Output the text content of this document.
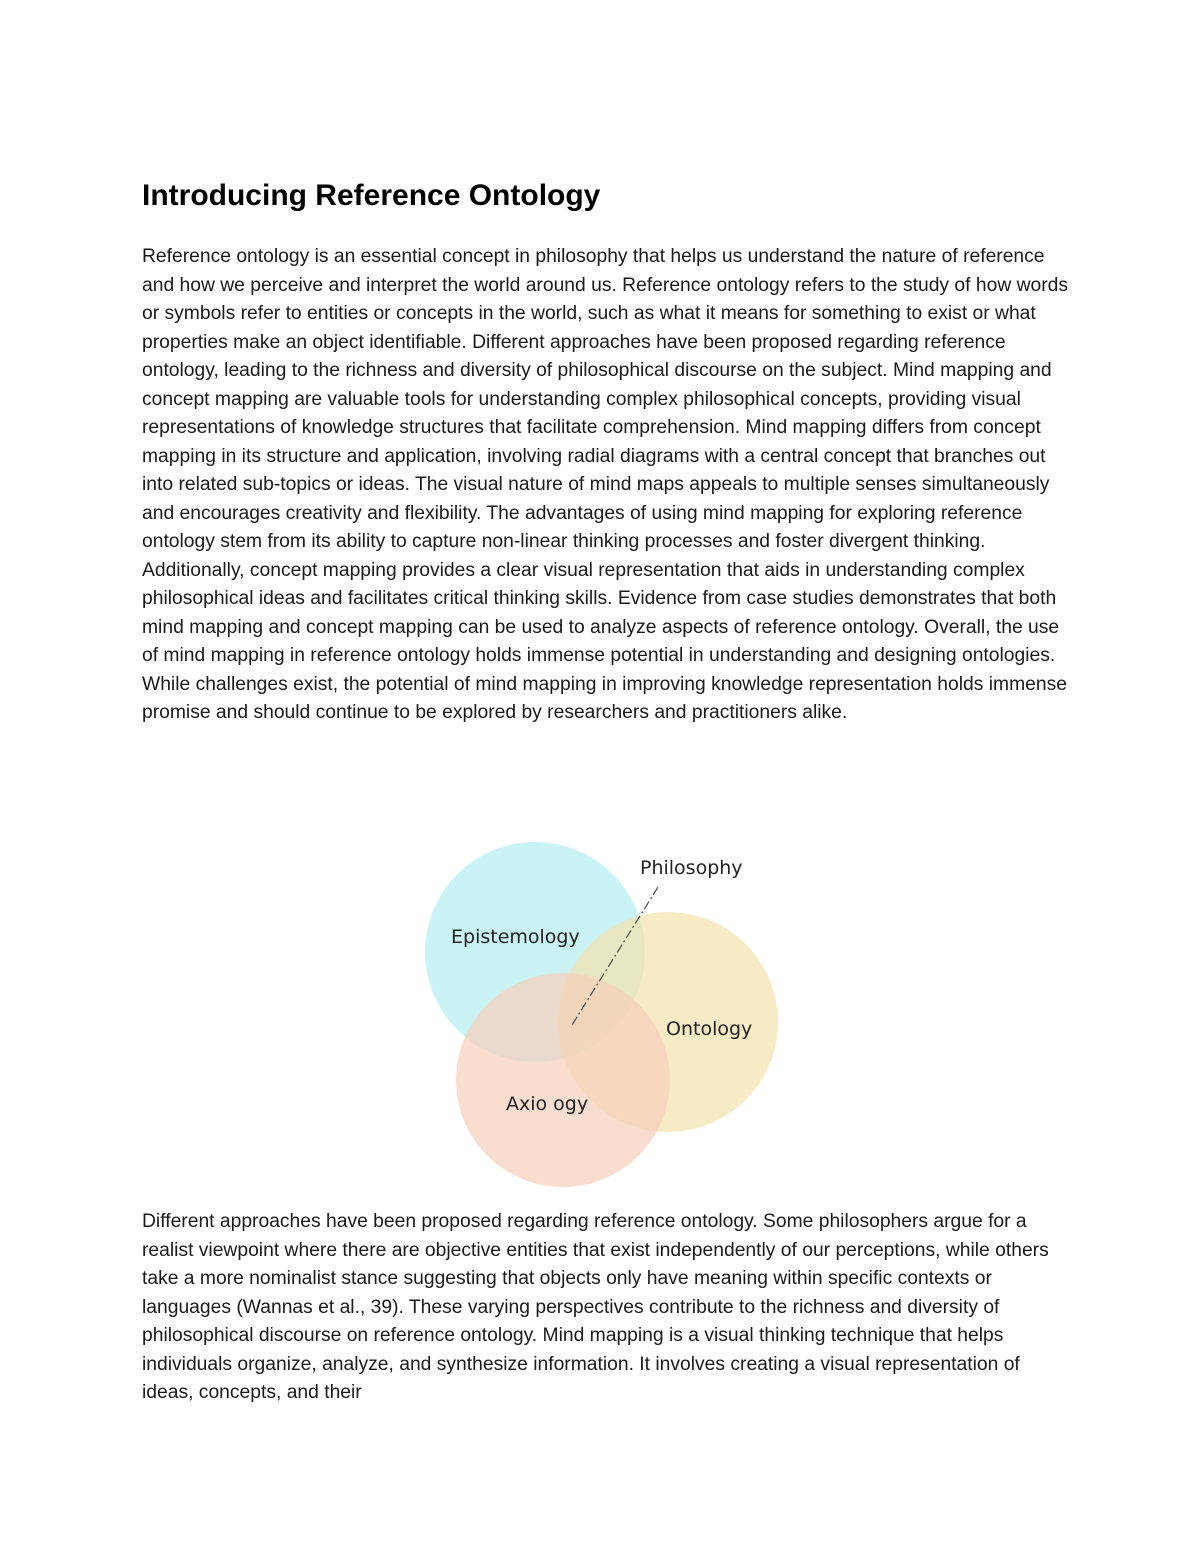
Introducing Reference Ontology

Reference ontology is an essential concept in philosophy that helps us understand the nature of reference and how we perceive and interpret the world around us. Reference ontology refers to the study of how words or symbols refer to entities or concepts in the world, such as what it means for something to exist or what properties make an object identifiable. Different approaches have been proposed regarding reference ontology, leading to the richness and diversity of philosophical discourse on the subject. Mind mapping and concept mapping are valuable tools for understanding complex philosophical concepts, providing visual representations of knowledge structures that facilitate comprehension. Mind mapping differs from concept mapping in its structure and application, involving radial diagrams with a central concept that branches out into related sub-topics or ideas. The visual nature of mind maps appeals to multiple senses simultaneously and encourages creativity and flexibility. The advantages of using mind mapping for exploring reference ontology stem from its ability to capture non-linear thinking processes and foster divergent thinking. Additionally, concept mapping provides a clear visual representation that aids in understanding complex philosophical ideas and facilitates critical thinking skills. Evidence from case studies demonstrates that both mind mapping and concept mapping can be used to analyze aspects of reference ontology. Overall, the use of mind mapping in reference ontology holds immense potential in understanding and designing ontologies. While challenges exist, the potential of mind mapping in improving knowledge representation holds immense promise and should continue to be explored by researchers and practitioners alike.

Epistemology
Philosophy
Ontology
Axio ogy

Different approaches have been proposed regarding reference ontology. Some philosophers argue for a realist viewpoint where there are objective entities that exist independently of our perceptions, while others take a more nominalist stance suggesting that objects only have meaning within specific contexts or languages (Wannas et al., 39). These varying perspectives contribute to the richness and diversity of philosophical discourse on reference ontology. Mind mapping is a visual thinking technique that helps individuals organize, analyze, and synthesize information. It involves creating a visual representation of ideas, concepts, and their
